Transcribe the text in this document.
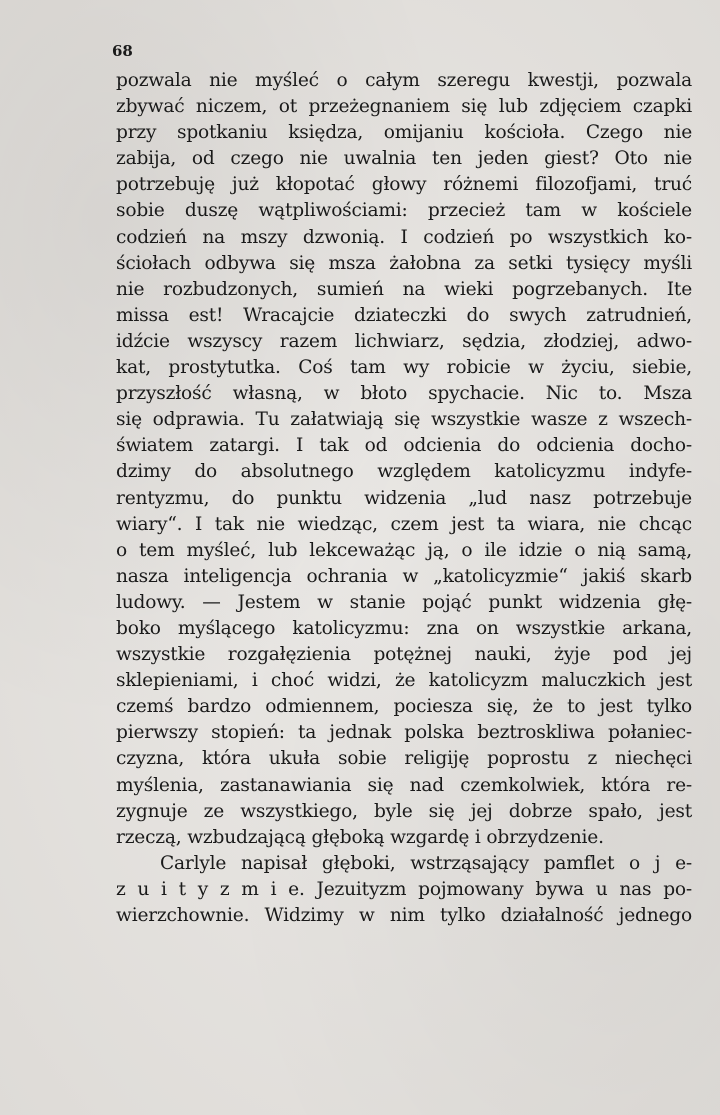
68
pozwala nie myśleć o całym szeregu kwestji, pozwala
zbywać niczem, ot przeżegnaniem się lub zdjęciem czapki
przy spotkaniu księdza, omijaniu kościoła. Czego nie
zabija, od czego nie uwalnia ten jeden giest? Oto nie
potrzebuję już kłopotać głowy różnemi filozofjami, truć
sobie duszę wątpliwościami: przecież tam w kościele
codzień na mszy dzwonią. I codzień po wszystkich ko-
ściołach odbywa się msza żałobna za setki tysięcy myśli
nie rozbudzonych, sumień na wieki pogrzebanych. Ite
missa est! Wracajcie dziateczki do swych zatrudnień,
idźcie wszyscy razem lichwiarz, sędzia, złodziej, adwo-
kat, prostytutka. Coś tam wy robicie w życiu, siebie,
przyszłość własną, w błoto spychacie. Nic to. Msza
się odprawia. Tu załatwiają się wszystkie wasze z wszech-
światem zatargi. I tak od odcienia do odcienia docho-
dzimy do absolutnego względem katolicyzmu indyfe-
rentyzmu, do punktu widzenia „lud nasz potrzebuje
wiary“. I tak nie wiedząc, czem jest ta wiara, nie chcąc
o tem myśleć, lub lekceważąc ją, o ile idzie o nią samą,
nasza inteligencja ochrania w „katolicyzmie“ jakiś skarb
ludowy. — Jestem w stanie pojąć punkt widzenia głę-
boko myślącego katolicyzmu: zna on wszystkie arkana,
wszystkie rozgałęzienia potężnej nauki, żyje pod jej
sklepieniami, i choć widzi, że katolicyzm maluczkich jest
czemś bardzo odmiennem, pociesza się, że to jest tylko
pierwszy stopień: ta jednak polska beztroskliwa połaniec-
czyzna, która ukuła sobie religiję poprostu z niechęci
myślenia, zastanawiania się nad czemkolwiek, która re-
zygnuje ze wszystkiego, byle się jej dobrze spało, jest
rzeczą, wzbudzającą głęboką wzgardę i obrzydzenie.
Carlyle napisał głęboki, wstrząsający pamflet o j e-
z u i t y z m i e. Jezuityzm pojmowany bywa u nas po-
wierzchownie. Widzimy w nim tylko działalność jednego
